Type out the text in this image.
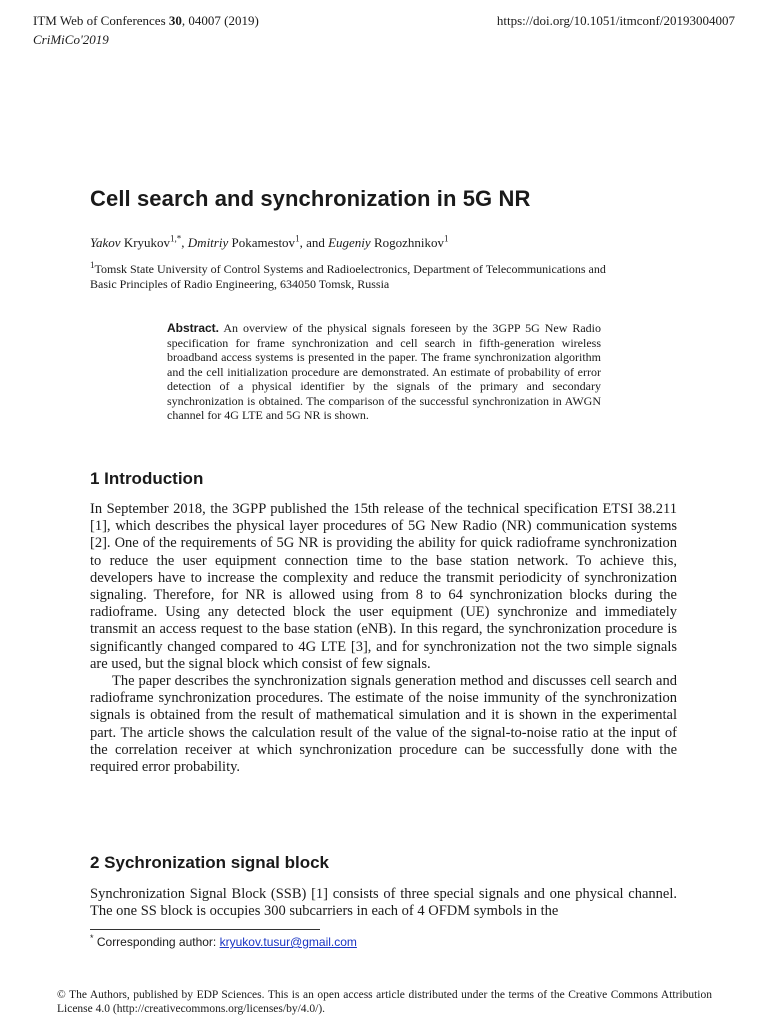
ITM Web of Conferences 30, 04007 (2019)	https://doi.org/10.1051/itmconf/20193004007
CriMiCo'2019
Cell search and synchronization in 5G NR
Yakov Kryukov$^{1,*}$, Dmitriy Pokamestov$^1$, and Eugeniy Rogozhnikov$^1$
$^1$Tomsk State University of Control Systems and Radioelectronics, Department of Telecommunications and Basic Principles of Radio Engineering, 634050 Tomsk, Russia
Abstract. An overview of the physical signals foreseen by the 3GPP 5G New Radio specification for frame synchronization and cell search in fifth-generation wireless broadband access systems is presented in the paper. The frame synchronization algorithm and the cell initialization procedure are demonstrated. An estimate of probability of error detection of a physical identifier by the signals of the primary and secondary synchronization is obtained. The comparison of the successful synchronization in AWGN channel for 4G LTE and 5G NR is shown.
1 Introduction

In September 2018, the 3GPP published the 15th release of the technical specification ETSI 38.211 [1], which describes the physical layer procedures of 5G New Radio (NR) communication systems [2]. One of the requirements of 5G NR is providing the ability for quick radioframe synchronization to reduce the user equipment connection time to the base station network. To achieve this, developers have to increase the complexity and reduce the transmit periodicity of synchronization signaling. Therefore, for NR is allowed using from 8 to 64 synchronization blocks during the radioframe. Using any detected block the user equipment (UE) synchronize and immediately transmit an access request to the base station (eNB). In this regard, the synchronization procedure is significantly changed compared to 4G LTE [3], and for synchronization not the two simple signals are used, but the signal block which consist of few signals.

The paper describes the synchronization signals generation method and discusses cell search and radioframe synchronization procedures. The estimate of the noise immunity of the synchronization signals is obtained from the result of mathematical simulation and it is shown in the experimental part. The article shows the calculation result of the value of the signal-to-noise ratio at the input of the correlation receiver at which synchronization procedure can be successfully done with the required error probability.

2 Sychronization signal block

Synchronization Signal Block (SSB) [1] consists of three special signals and one physical channel. The one SS block is occupies 300 subcarriers in each of 4 OFDM symbols in the

* Corresponding author: kryukov.tusur@gmail.com
© The Authors, published by EDP Sciences. This is an open access article distributed under the terms of the Creative Commons Attribution License 4.0 (http://creativecommons.org/licenses/by/4.0/).
